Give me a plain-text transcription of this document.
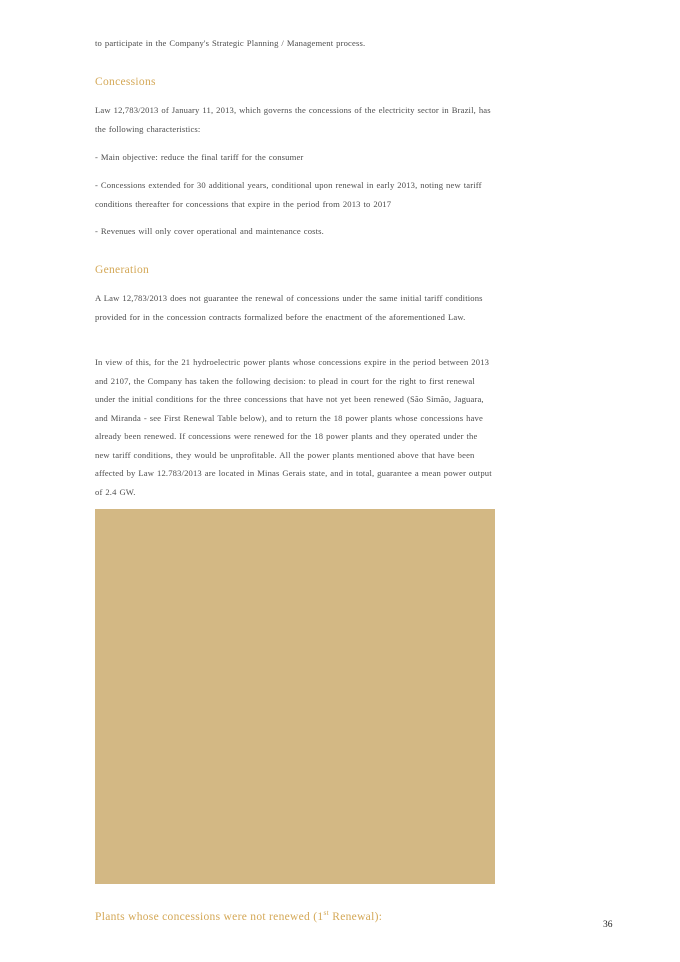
to participate in the Company's Strategic Planning / Management process.

Concessions

Law 12,783/2013 of January 11, 2013, which governs the concessions of the electricity sector in Brazil, has the following characteristics:

- Main objective: reduce the final tariff for the consumer

- Concessions extended for 30 additional years, conditional upon renewal in early 2013, noting new tariff conditions thereafter for concessions that expire in the period from 2013 to 2017

- Revenues will only cover operational and maintenance costs.

Generation

A Law 12,783/2013 does not guarantee the renewal of concessions under the same initial tariff conditions provided for in the concession contracts formalized before the enactment of the aforementioned Law.

In view of this, for the 21 hydroelectric power plants whose concessions expire in the period between 2013 and 2107, the Company has taken the following decision: to plead in court for the right to first renewal under the initial conditions for the three concessions that have not yet been renewed (São Simão, Jaguara, and Miranda - see First Renewal Table below), and to return the 18 power plants whose concessions have already been renewed. If concessions were renewed for the 18 power plants and they operated under the new tariff conditions, they would be unprofitable. All the power plants mentioned above that have been affected by Law 12.783/2013 are located in Minas Gerais state, and in total, guarantee a mean power output of 2.4 GW.

Plants whose concessions were not renewed (1st Renewal):

36
